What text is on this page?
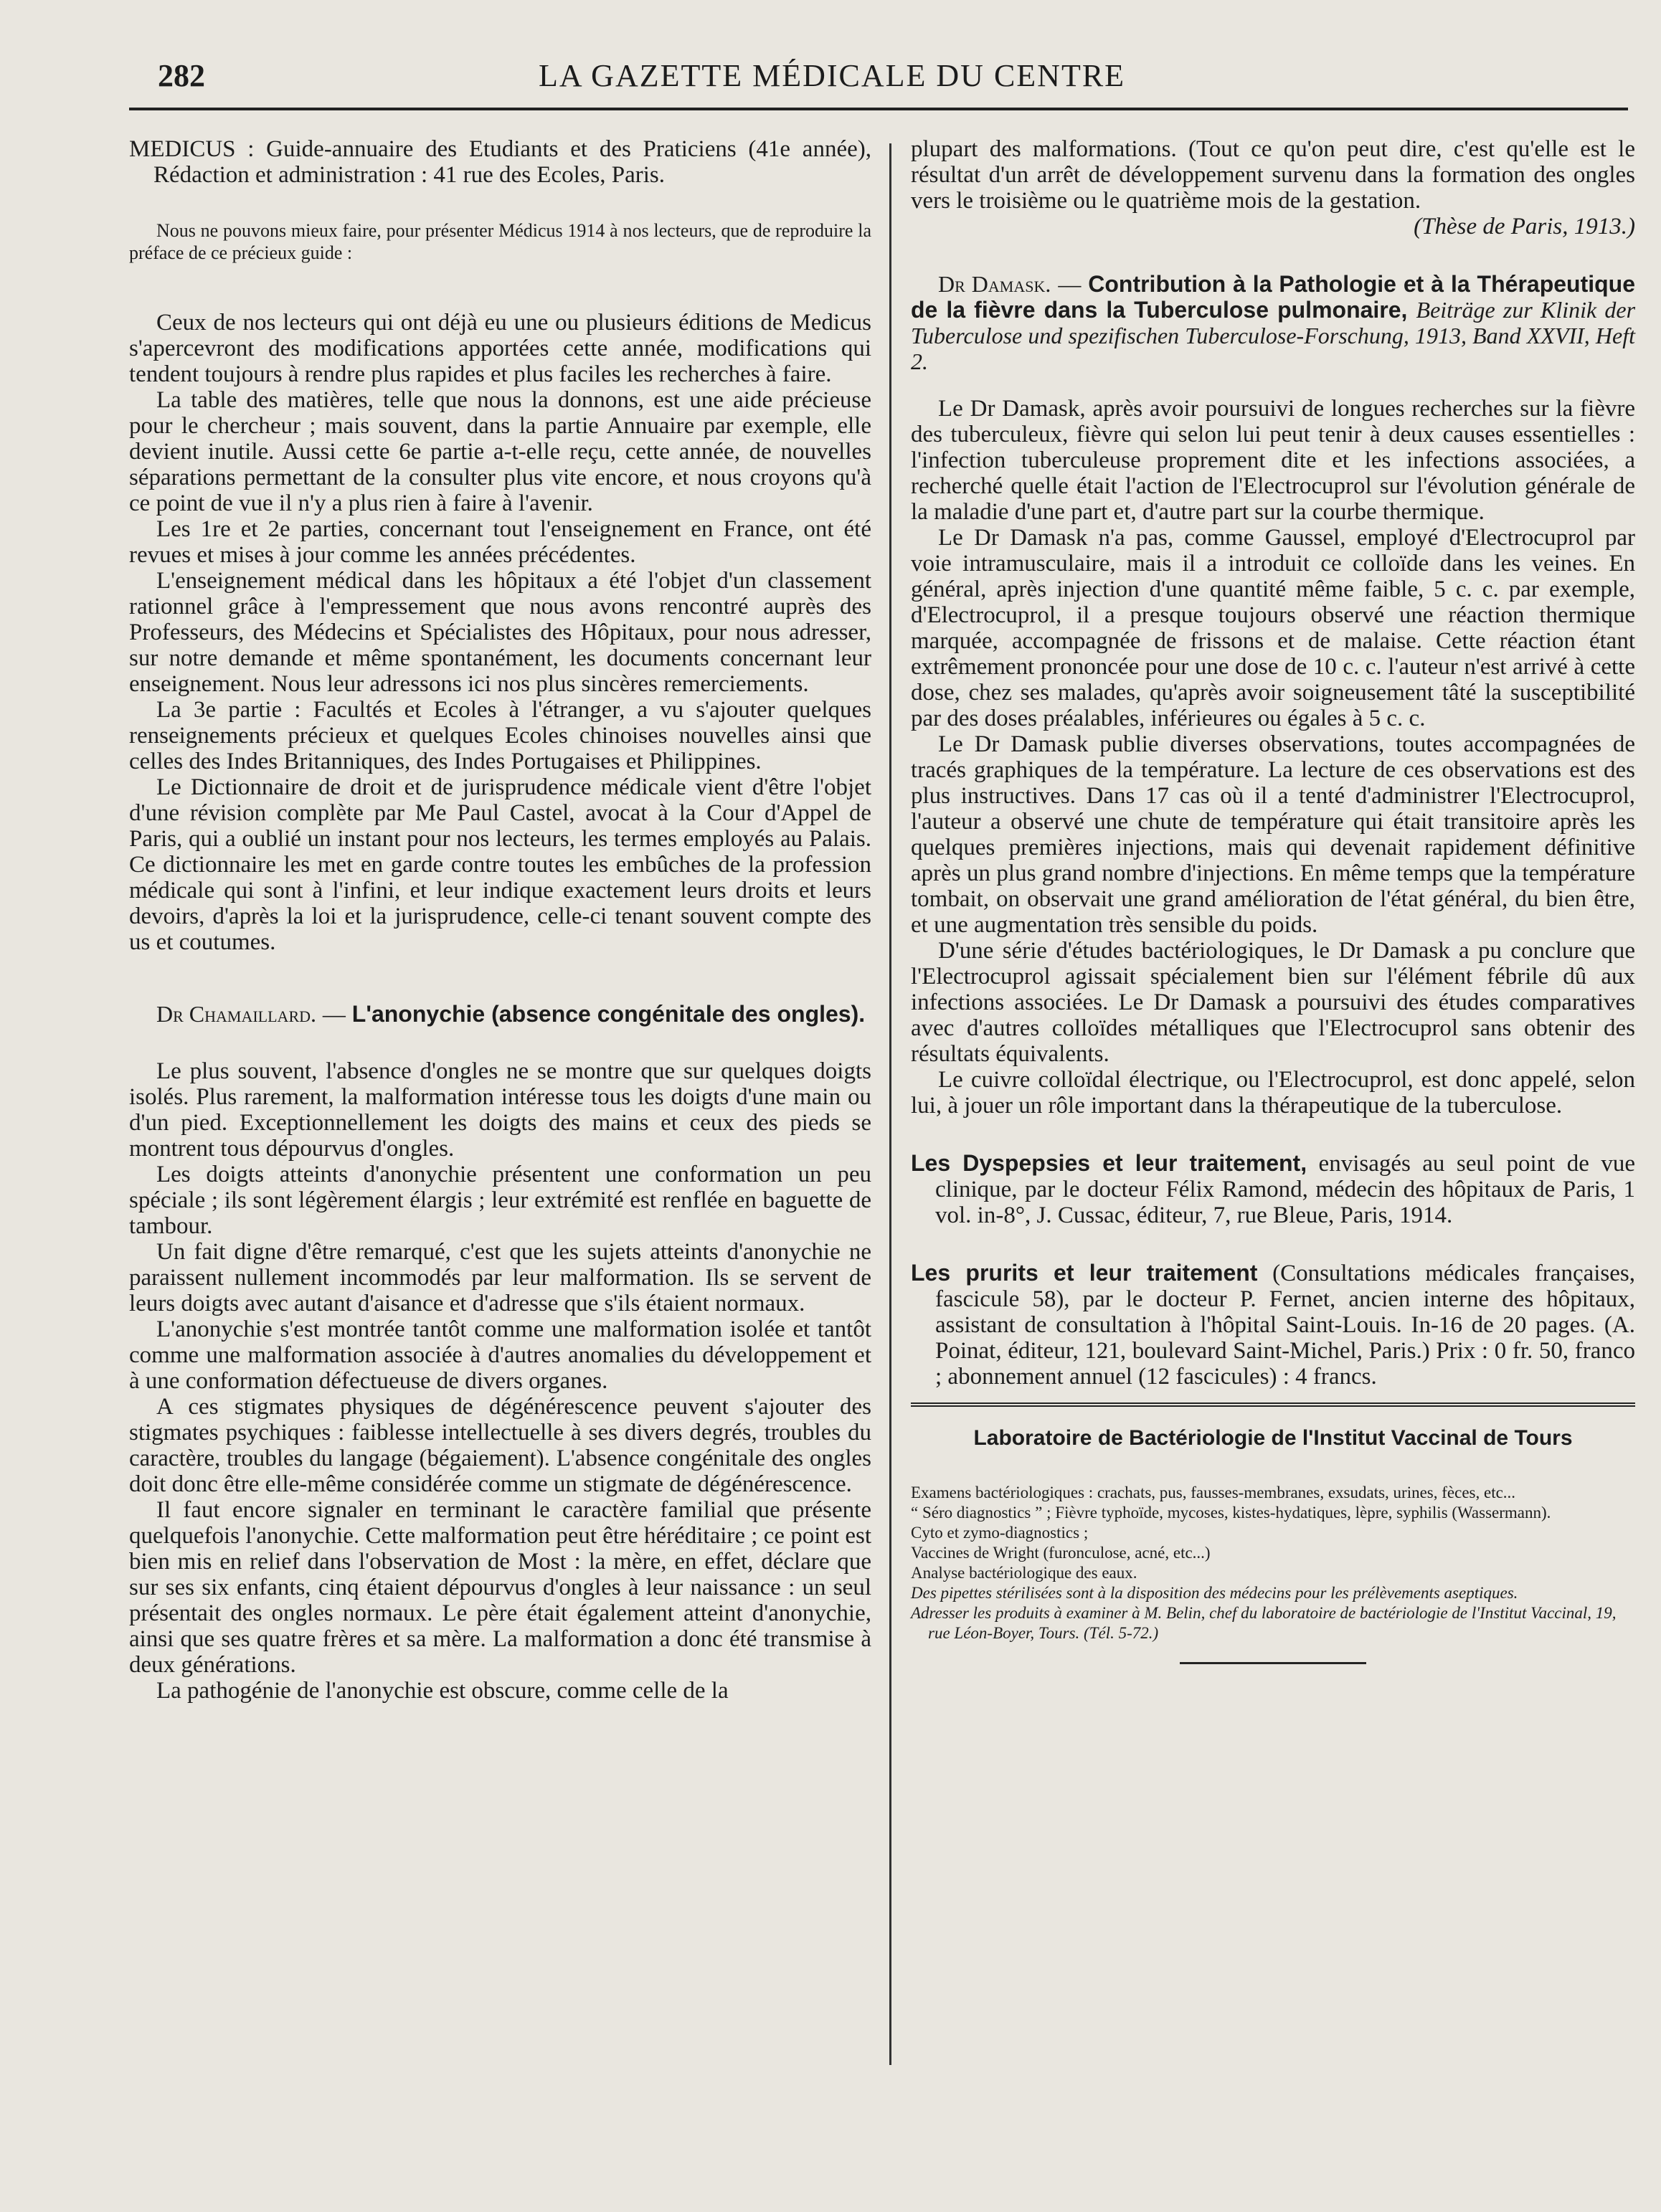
LA GAZETTE MÉDICALE DU CENTRE
282

MEDICUS : Guide-annuaire des Etudiants et des Praticiens (41e année), Rédaction et administration : 41 rue des Ecoles, Paris.

Nous ne pouvons mieux faire, pour présenter Médicus 1914 à nos lecteurs, que de reproduire la préface de ce précieux guide :

Ceux de nos lecteurs qui ont déjà eu une ou plusieurs éditions de Medicus s'apercevront des modifications apportées cette année, modifications qui tendent toujours à rendre plus rapides et plus faciles les recherches à faire.

La table des matières, telle que nous la donnons, est une aide précieuse pour le chercheur ; mais souvent, dans la partie Annuaire par exemple, elle devient inutile. Aussi cette 6e partie a-t-elle reçu, cette année, de nouvelles séparations permettant de la consulter plus vite encore, et nous croyons qu'à ce point de vue il n'y a plus rien à faire à l'avenir.

Les 1re et 2e parties, concernant tout l'enseignement en France, ont été revues et mises à jour comme les années précédentes.

L'enseignement médical dans les hôpitaux a été l'objet d'un classement rationnel grâce à l'empressement que nous avons rencontré auprès des Professeurs, des Médecins et Spécialistes des Hôpitaux, pour nous adresser, sur notre demande et même spontanément, les documents concernant leur enseignement. Nous leur adressons ici nos plus sincères remerciements.

La 3e partie : Facultés et Ecoles à l'étranger, a vu s'ajouter quelques renseignements précieux et quelques Ecoles chinoises nouvelles ainsi que celles des Indes Britanniques, des Indes Portugaises et Philippines.

Le Dictionnaire de droit et de jurisprudence médicale vient d'être l'objet d'une révision complète par Me Paul Castel, avocat à la Cour d'Appel de Paris, qui a oublié un instant pour nos lecteurs, les termes employés au Palais. Ce dictionnaire les met en garde contre toutes les embûches de la profession médicale qui sont à l'infini, et leur indique exactement leurs droits et leurs devoirs, d'après la loi et la jurisprudence, celle-ci tenant souvent compte des us et coutumes.

Dr Chamaillard. — L'anonychie (absence congénitale des ongles).

Le plus souvent, l'absence d'ongles ne se montre que sur quelques doigts isolés. Plus rarement, la malformation intéresse tous les doigts d'une main ou d'un pied. Exceptionnellement les doigts des mains et ceux des pieds se montrent tous dépourvus d'ongles.

Les doigts atteints d'anonychie présentent une conformation un peu spéciale ; ils sont légèrement élargis ; leur extrémité est renflée en baguette de tambour.

Un fait digne d'être remarqué, c'est que les sujets atteints d'anonychie ne paraissent nullement incommodés par leur malformation. Ils se servent de leurs doigts avec autant d'aisance et d'adresse que s'ils étaient normaux.

L'anonychie s'est montrée tantôt comme une malformation isolée et tantôt comme une malformation associée à d'autres anomalies du développement et à une conformation défectueuse de divers organes.

A ces stigmates physiques de dégénérescence peuvent s'ajouter des stigmates psychiques : faiblesse intellectuelle à ses divers degrés, troubles du caractère, troubles du langage (bégaiement). L'absence congénitale des ongles doit donc être elle-même considérée comme un stigmate de dégénérescence.

Il faut encore signaler en terminant le caractère familial que présente quelquefois l'anonychie. Cette malformation peut être héréditaire ; ce point est bien mis en relief dans l'observation de Most : la mère, en effet, déclare que sur ses six enfants, cinq étaient dépourvus d'ongles à leur naissance : un seul présentait des ongles normaux. Le père était également atteint d'anonychie, ainsi que ses quatre frères et sa mère. La malformation a donc été transmise à deux générations.

La pathogénie de l'anonychie est obscure, comme celle de la

plupart des malformations. (Tout ce qu'on peut dire, c'est qu'elle est le résultat d'un arrêt de développement survenu dans la formation des ongles vers le troisième ou le quatrième mois de la gestation.

(Thèse de Paris, 1913.)

Dr Damask. — Contribution à la Pathologie et à la Thérapeutique de la fièvre dans la Tuberculose pulmonaire, Beiträge zur Klinik der Tuberculose und spezifischen Tuberculose-Forschung, 1913, Band XXVII, Heft 2.

Le Dr Damask, après avoir poursuivi de longues recherches sur la fièvre des tuberculeux, fièvre qui selon lui peut tenir à deux causes essentielles : l'infection tuberculeuse proprement dite et les infections associées, a recherché quelle était l'action de l'Electrocuprol sur l'évolution générale de la maladie d'une part et, d'autre part sur la courbe thermique.

Le Dr Damask n'a pas, comme Gaussel, employé d'Electrocuprol par voie intramusculaire, mais il a introduit ce colloïde dans les veines. En général, après injection d'une quantité même faible, 5 c. c. par exemple, d'Electrocuprol, il a presque toujours observé une réaction thermique marquée, accompagnée de frissons et de malaise. Cette réaction étant extrêmement prononcée pour une dose de 10 c. c. l'auteur n'est arrivé à cette dose, chez ses malades, qu'après avoir soigneusement tâté la susceptibilité par des doses préalables, inférieures ou égales à 5 c. c.

Le Dr Damask publie diverses observations, toutes accompagnées de tracés graphiques de la température. La lecture de ces observations est des plus instructives. Dans 17 cas où il a tenté d'administrer l'Electrocuprol, l'auteur a observé une chute de température qui était transitoire après les quelques premières injections, mais qui devenait rapidement définitive après un plus grand nombre d'injections. En même temps que la température tombait, on observait une grand amélioration de l'état général, du bien être, et une augmentation très sensible du poids.

D'une série d'études bactériologiques, le Dr Damask a pu conclure que l'Electrocuprol agissait spécialement bien sur l'élément fébrile dû aux infections associées. Le Dr Damask a poursuivi des études comparatives avec d'autres colloïdes métalliques que l'Electrocuprol sans obtenir des résultats équivalents.

Le cuivre colloïdal électrique, ou l'Electrocuprol, est donc appelé, selon lui, à jouer un rôle important dans la thérapeutique de la tuberculose.

Les Dyspepsies et leur traitement, envisagés au seul point de vue clinique, par le docteur Félix Ramond, médecin des hôpitaux de Paris, 1 vol. in-8°, J. Cussac, éditeur, 7, rue Bleue, Paris, 1914.

Les prurits et leur traitement (Consultations médicales françaises, fascicule 58), par le docteur P. Fernet, ancien interne des hôpitaux, assistant de consultation à l'hôpital Saint-Louis. In-16 de 20 pages. (A. Poinat, éditeur, 121, boulevard Saint-Michel, Paris.) Prix : 0 fr. 50, franco ; abonnement annuel (12 fascicules) : 4 francs.

Laboratoire de Bactériologie de l'Institut Vaccinal de Tours

Examens bactériologiques : crachats, pus, fausses-membranes, exsudats, urines, fèces, etc...

“ Séro diagnostics ” ; Fièvre typhoïde, mycoses, kistes-hydatiques, lèpre, syphilis (Wassermann).

Cyto et zymo-diagnostics ;

Vaccines de Wright (furonculose, acné, etc...)

Analyse bactériologique des eaux.

Des pipettes stérilisées sont à la disposition des médecins pour les prélèvements aseptiques.

Adresser les produits à examiner à M. Belin, chef du laboratoire de bactériologie de l'Institut Vaccinal, 19, rue Léon-Boyer, Tours. (Tél. 5-72.)
